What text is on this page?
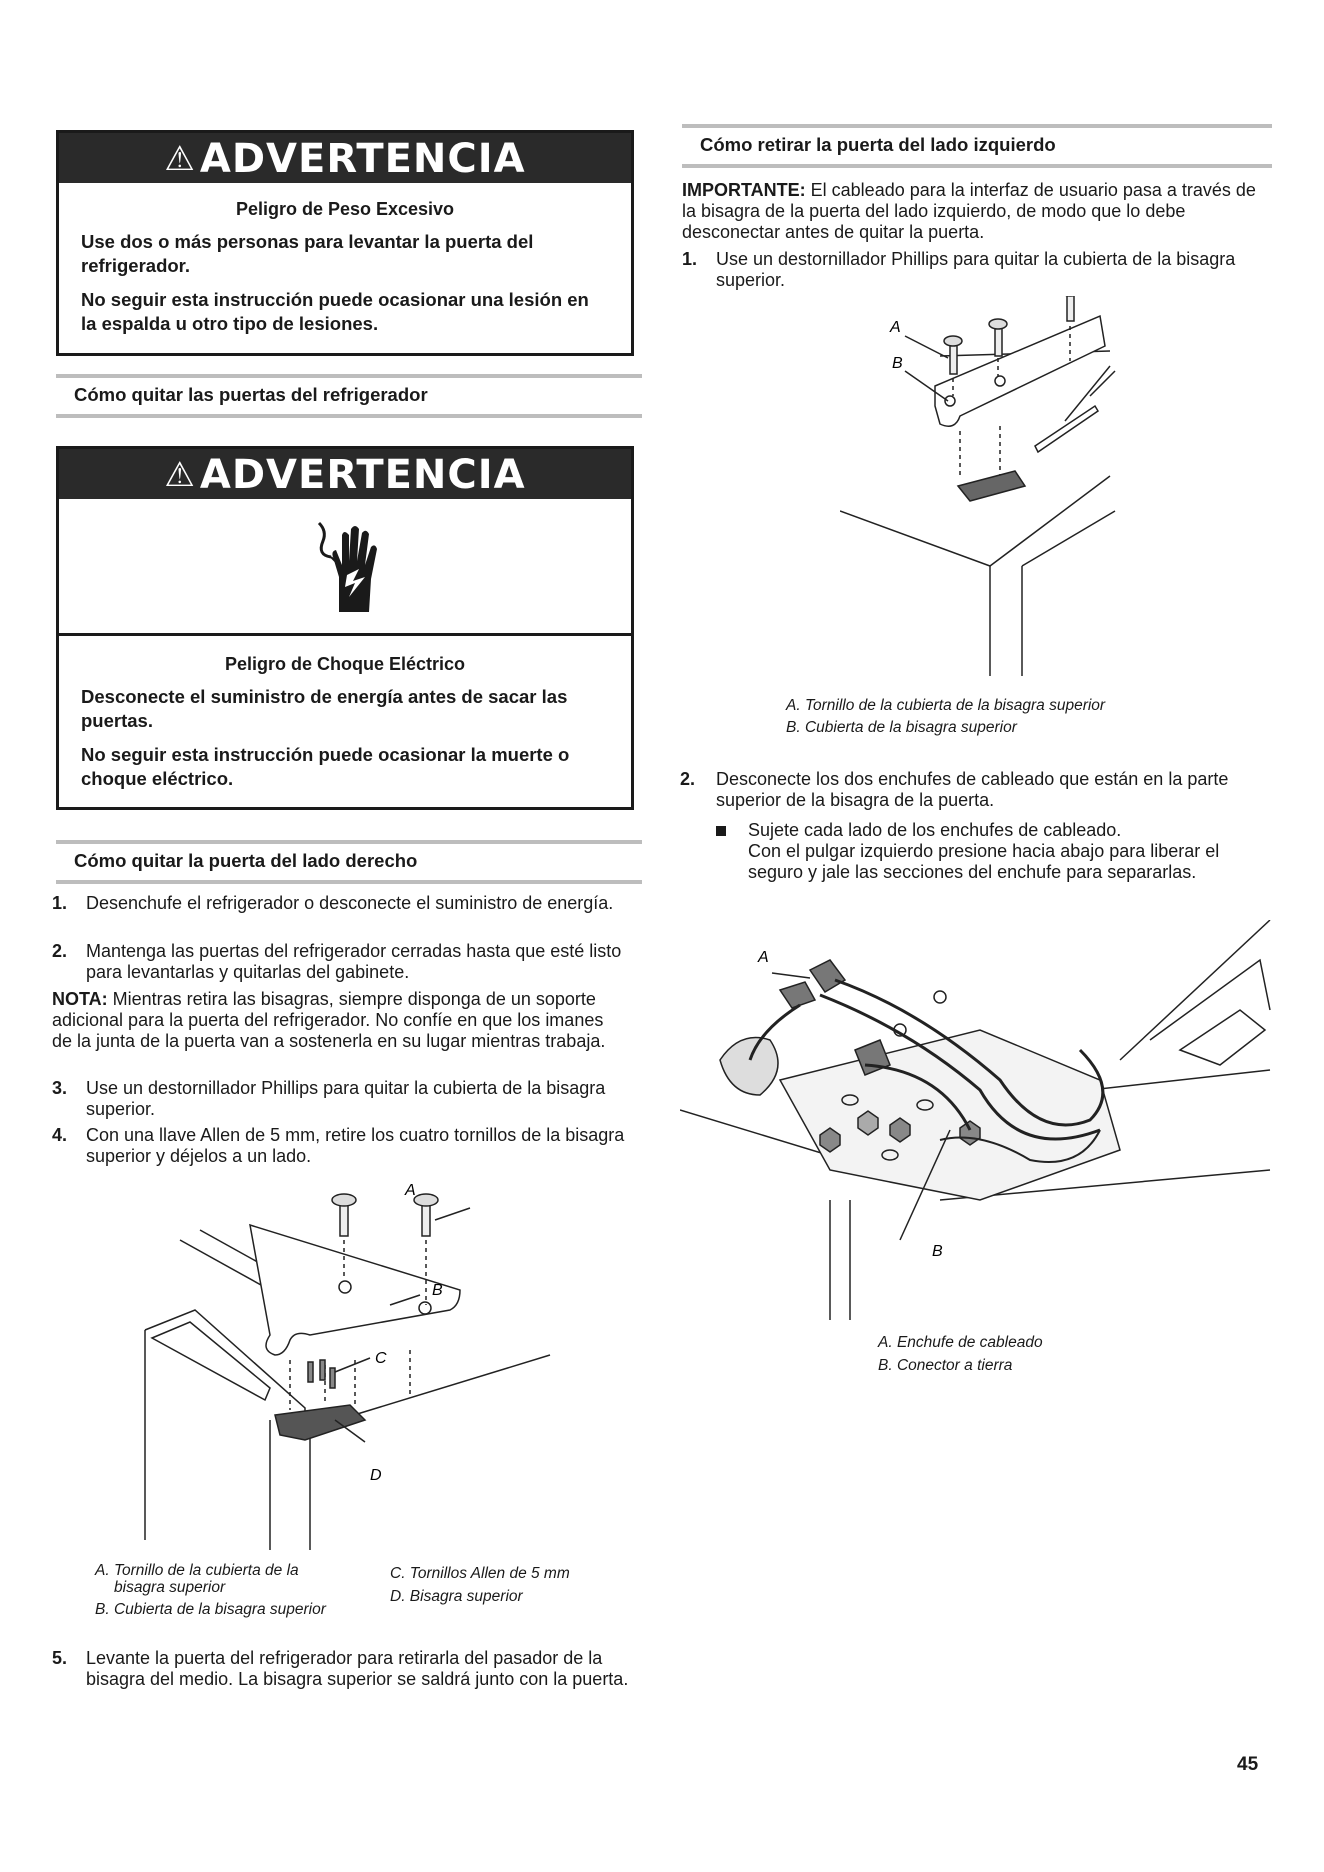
⚠ ADVERTENCIA
Peligro de Peso Excesivo

Use dos o más personas para levantar la puerta del refrigerador.

No seguir esta instrucción puede ocasionar una lesión en la espalda u otro tipo de lesiones.

Cómo quitar las puertas del refrigerador
⚠ ADVERTENCIA
Peligro de Choque Eléctrico

Desconecte el suministro de energía antes de sacar las puertas.

No seguir esta instrucción puede ocasionar la muerte o choque eléctrico.

Cómo quitar la puerta del lado derecho
1. Desenchufe el refrigerador o desconecte el suministro de energía.
2. Mantenga las puertas del refrigerador cerradas hasta que esté listo para levantarlas y quitarlas del gabinete.
NOTA: Mientras retira las bisagras, siempre disponga de un soporte adicional para la puerta del refrigerador. No confíe en que los imanes de la junta de la puerta van a sostenerla en su lugar mientras trabaja.
3. Use un destornillador Phillips para quitar la cubierta de la bisagra superior.
4. Con una llave Allen de 5 mm, retire los cuatro tornillos de la bisagra superior y déjelos a un lado.
A
B
C
D
A. Tornillo de la cubierta de la
bisagra superior
B. Cubierta de la bisagra superior
C. Tornillos Allen de 5 mm
D. Bisagra superior
5. Levante la puerta del refrigerador para retirarla del pasador de la bisagra del medio. La bisagra superior se saldrá junto con la puerta.
Cómo retirar la puerta del lado izquierdo
IMPORTANTE: El cableado para la interfaz de usuario pasa a través de la bisagra de la puerta del lado izquierdo, de modo que lo debe desconectar antes de quitar la puerta.
1. Use un destornillador Phillips para quitar la cubierta de la bisagra superior.
A
B
A. Tornillo de la cubierta de la bisagra superior
B. Cubierta de la bisagra superior
2. Desconecte los dos enchufes de cableado que están en la parte superior de la bisagra de la puerta.
Sujete cada lado de los enchufes de cableado.
Con el pulgar izquierdo presione hacia abajo para liberar el seguro y jale las secciones del enchufe para separarlas.
A
B
A. Enchufe de cableado
B. Conector a tierra
45
